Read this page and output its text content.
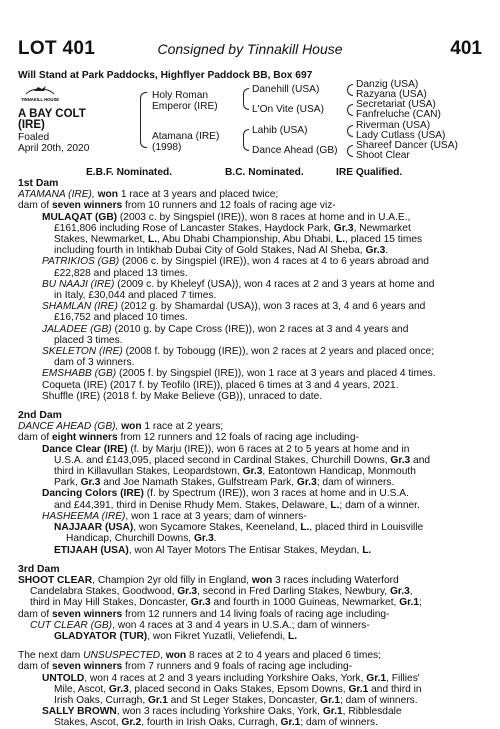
LOT 401	Consigned by Tinnakill House	401
Will Stand at Park Paddocks, Highflyer Paddock BB, Box 697
TINNAKILL HOUSE
A BAY COLT
(IRE)
Foaled
April 20th, 2020
Holy Roman
Emperor (IRE)
Atamana (IRE)
(1998)
Danehill (USA)
L'On Vite (USA)
Lahib (USA)
Dance Ahead (GB)
Danzig (USA)
Razyana (USA)
Secretariat (USA)
Fanfreluche (CAN)
Riverman (USA)
Lady Cutlass (USA)
Shareef Dancer (USA)
Shoot Clear
E.B.F. Nominated.	B.C. Nominated.	IRE Qualified.
1st Dam
ATAMANA (IRE), won 1 race at 3 years and placed twice;
dam of seven winners from 10 runners and 12 foals of racing age viz-
MULAQAT (GB) (2003 c. by Singspiel (IRE)), won 8 races at home and in U.A.E.,
£161,806 including Rose of Lancaster Stakes, Haydock Park, Gr.3, Newmarket
Stakes, Newmarket, L., Abu Dhabi Championship, Abu Dhabi, L., placed 15 times
including fourth in Intikhab Dubai City of Gold Stakes, Nad Al Sheba, Gr.3.
PATRIKIOS (GB) (2006 c. by Singspiel (IRE)), won 4 races at 4 to 6 years abroad and
£22,828 and placed 13 times.
BU NAAJI (IRE) (2009 c. by Kheleyf (USA)), won 4 races at 2 and 3 years at home and
in Italy, £30,044 and placed 7 times.
SHAMLAN (IRE) (2012 g. by Shamardal (USA)), won 3 races at 3, 4 and 6 years and
£16,752 and placed 10 times.
JALADEE (GB) (2010 g. by Cape Cross (IRE)), won 2 races at 3 and 4 years and
placed 3 times.
SKELETON (IRE) (2008 f. by Tobougg (IRE)), won 2 races at 2 years and placed once;
dam of 3 winners.
EMSHABB (GB) (2005 f. by Singspiel (IRE)), won 1 race at 3 years and placed 4 times.
Coqueta (IRE) (2017 f. by Teofilo (IRE)), placed 6 times at 3 and 4 years, 2021.
Shuffle (IRE) (2018 f. by Make Believe (GB)), unraced to date.
2nd Dam
DANCE AHEAD (GB), won 1 race at 2 years;
dam of eight winners from 12 runners and 12 foals of racing age including-
Dance Clear (IRE) (f. by Marju (IRE)), won 6 races at 2 to 5 years at home and in
U.S.A. and £143,095, placed second in Cardinal Stakes, Churchill Downs, Gr.3 and
third in Killavullan Stakes, Leopardstown, Gr.3, Eatontown Handicap, Monmouth
Park, Gr.3 and Joe Namath Stakes, Gulfstream Park, Gr.3; dam of winners.
Dancing Colors (IRE) (f. by Spectrum (IRE)), won 3 races at home and in U.S.A.
and £44,391, third in Denise Rhudy Mem. Stakes, Delaware, L.; dam of a winner.
HASHEEMA (IRE), won 1 race at 3 years; dam of winners-
NAJJAAR (USA), won Sycamore Stakes, Keeneland, L., placed third in Louisville
Handicap, Churchill Downs, Gr.3.
ETIJAAH (USA), won Al Tayer Motors The Entisar Stakes, Meydan, L.
3rd Dam
SHOOT CLEAR, Champion 2yr old filly in England, won 3 races including Waterford
Candelabra Stakes, Goodwood, Gr.3, second in Fred Darling Stakes, Newbury, Gr.3,
third in May Hill Stakes, Doncaster, Gr.3 and fourth in 1000 Guineas, Newmarket, Gr.1;
dam of seven winners from 12 runners and 14 living foals of racing age including-
CUT CLEAR (GB), won 4 races at 3 and 4 years in U.S.A.; dam of winners-
GLADYATOR (TUR), won Fikret Yuzatli, Veliefendi, L.
The next dam UNSUSPECTED, won 8 races at 2 to 4 years and placed 6 times;
dam of seven winners from 7 runners and 9 foals of racing age including-
UNTOLD, won 4 races at 2 and 3 years including Yorkshire Oaks, York, Gr.1, Fillies'
Mile, Ascot, Gr.3, placed second in Oaks Stakes, Epsom Downs, Gr.1 and third in
Irish Oaks, Curragh, Gr.1 and St Leger Stakes, Doncaster, Gr.1; dam of winners.
SALLY BROWN, won 3 races including Yorkshire Oaks, York, Gr.1, Ribblesdale
Stakes, Ascot, Gr.2, fourth in Irish Oaks, Curragh, Gr.1; dam of winners.
